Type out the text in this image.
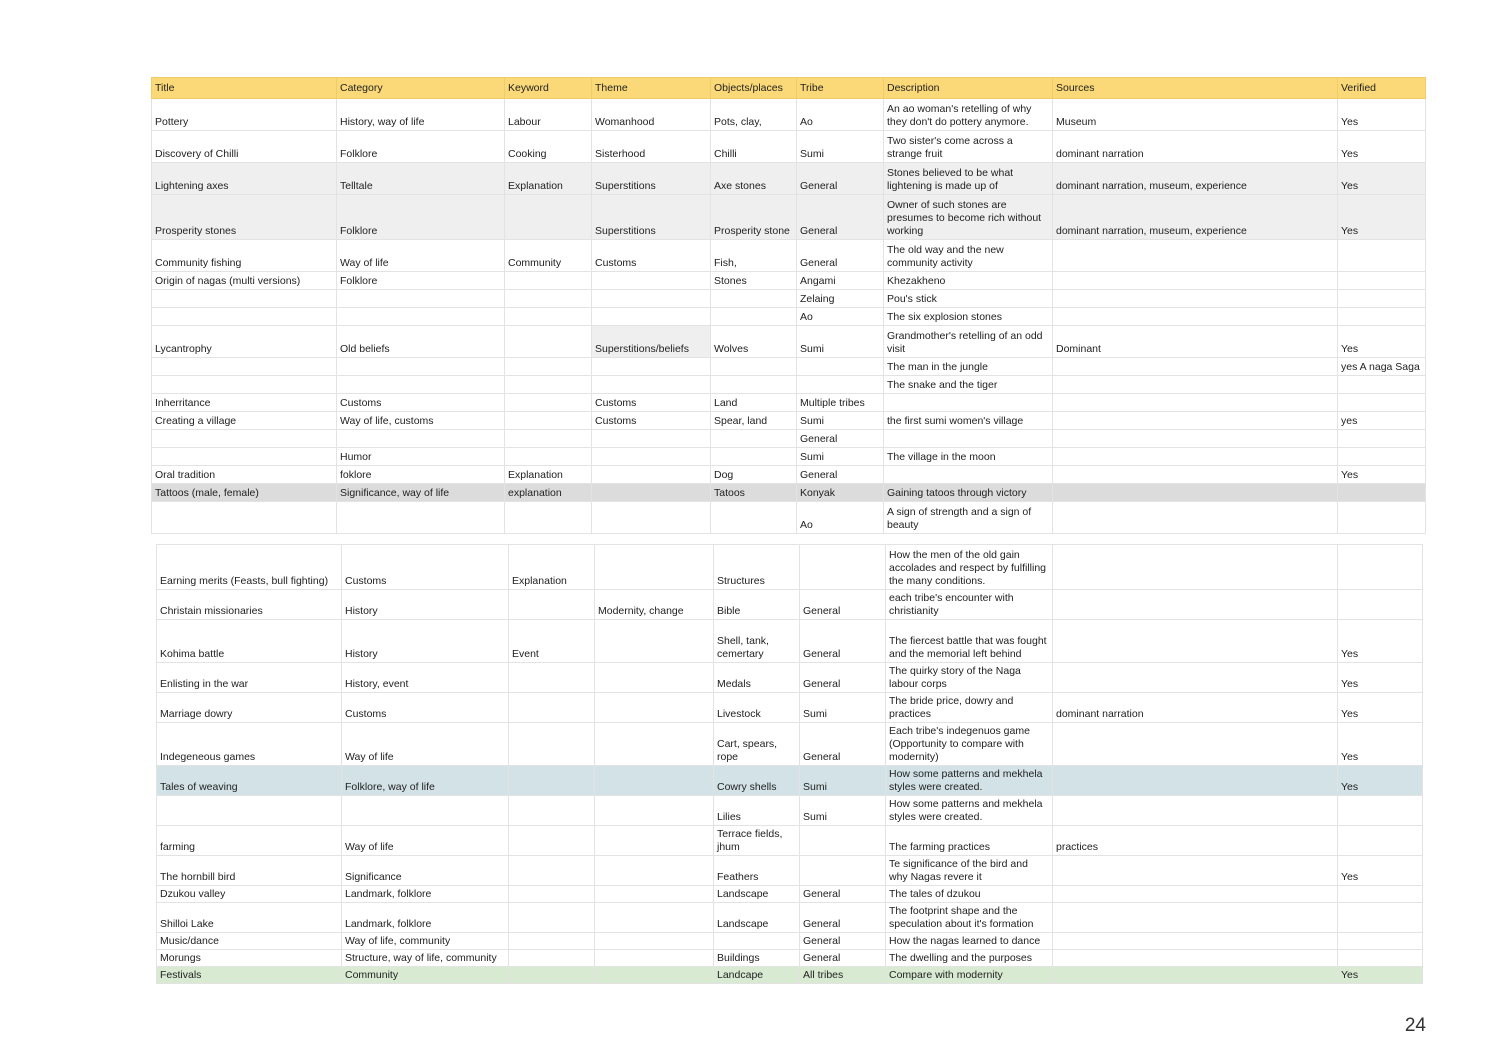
Title	Category	Keyword	Theme	Objects/places	Tribe	Description	Sources	Verified
Pottery	History, way of life	Labour	Womanhood	Pots, clay,	Ao	An ao woman's retelling of why they don't do pottery anymore.	Museum	Yes
Discovery of Chilli	Folklore	Cooking	Sisterhood	Chilli	Sumi	Two sister's come across a strange fruit	dominant narration	Yes
Lightening axes	Telltale	Explanation	Superstitions	Axe stones	General	Stones believed to be what lightening is made up of	dominant narration, museum, experience	Yes
Prosperity stones	Folklore		Superstitions	Prosperity stone	General	Owner of such stones are presumes to become rich without working	dominant narration, museum, experience	Yes
Community fishing	Way of life	Community	Customs	Fish,	General	The old way and the new community activity		
Origin of nagas (multi versions)	Folklore			Stones	Angami	Khezakheno		
					Zelaing	Pou's stick		
					Ao	The six explosion stones		
Lycantrophy	Old beliefs		Superstitions/beliefs	Wolves	Sumi	Grandmother's retelling of an odd visit	Dominant	Yes
						The man in the jungle		yes A naga Saga
						The snake and the tiger		
Inherritance	Customs		Customs	Land	Multiple tribes			
Creating a village	Way of life, customs		Customs	Spear, land	Sumi	the first sumi women's village		yes
					General			
	Humor				Sumi	The village in the moon		
Oral tradition	foklore	Explanation		Dog	General			Yes
Tattoos (male, female)	Significance, way of life	explanation		Tatoos	Konyak	Gaining tatoos through victory		
					Ao	A sign of strength and a sign of beauty		
Earning merits (Feasts, bull fighting)	Customs	Explanation		Structures		How the men of the old gain accolades and respect by fulfilling the many conditions.		
Christain missionaries	History		Modernity, change	Bible	General	each tribe's encounter with christianity		
Kohima battle	History	Event		Shell, tank, cemertary	General	The fiercest battle that was fought and the memorial left behind		Yes
Enlisting in the war	History, event			Medals	General	The quirky story of the Naga labour corps		Yes
Marriage dowry	Customs			Livestock	Sumi	The bride price, dowry and practices	dominant narration	Yes
Indegeneous games	Way of life			Cart, spears, rope	General	Each tribe's indegenuos game (Opportunity to compare with modernity)		Yes
Tales of weaving	Folklore, way of life			Cowry shells	Sumi	How some patterns and mekhela styles were created.		Yes
				Lilies	Sumi	How some patterns and mekhela styles were created.		
farming	Way of life			Terrace fields, jhum		The farming practices	practices	
The hornbill bird	Significance			Feathers		Te significance of the bird and why Nagas revere it		Yes
Dzukou valley	Landmark, folklore			Landscape	General	The tales of dzukou		
Shilloi Lake	Landmark, folklore			Landscape	General	The footprint shape and the speculation about it's formation		
Music/dance	Way of life, community				General	How the nagas learned to dance		
Morungs	Structure, way of life, community			Buildings	General	The dwelling and the purposes		
Festivals	Community			Landcape	All tribes	Compare with modernity		Yes
24
